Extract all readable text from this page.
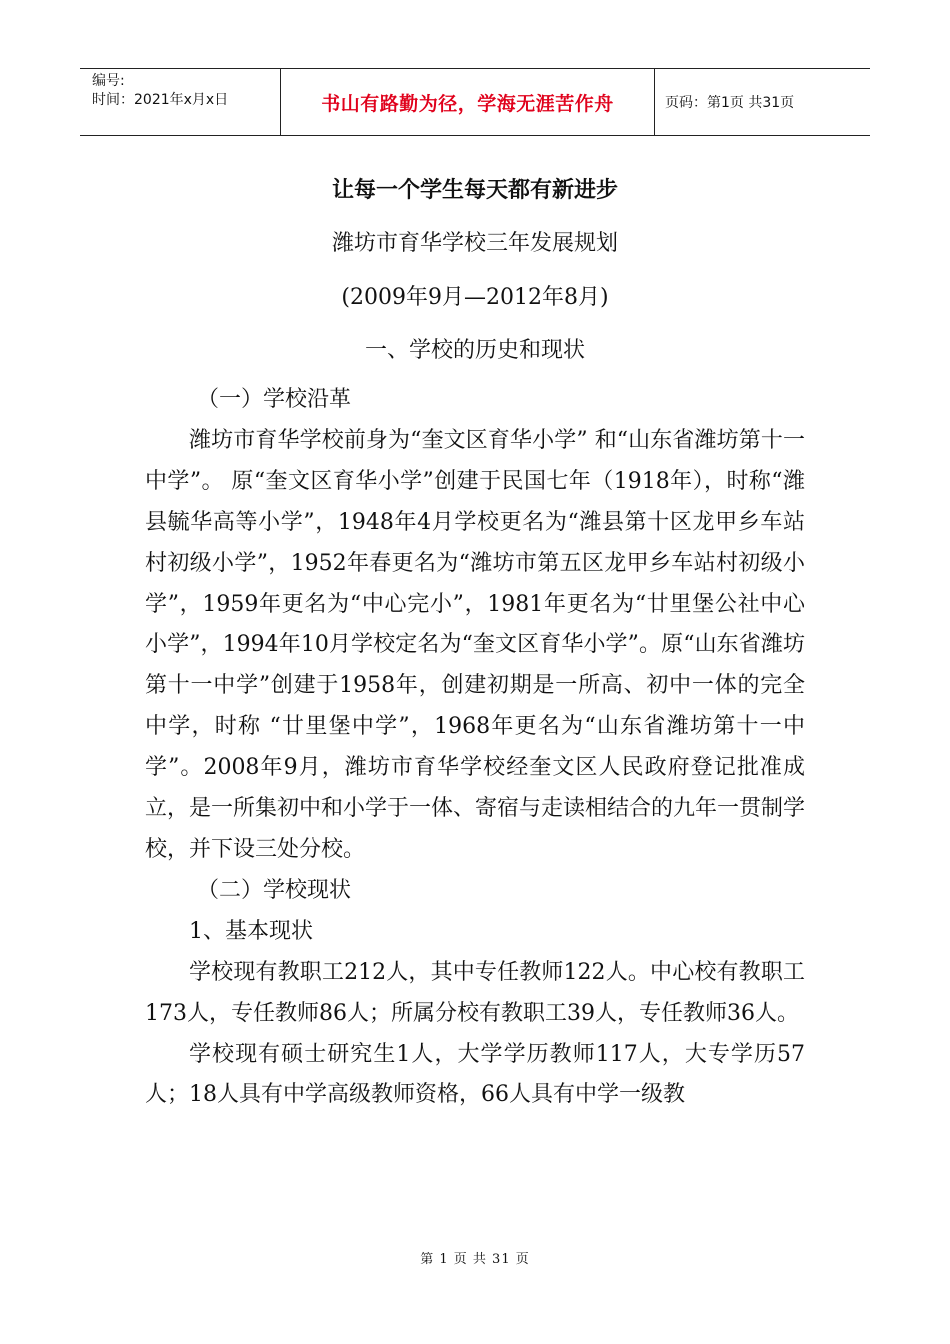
编号:
时间：2021年x月x日	书山有路勤为径，学海无涯苦作舟	页码：第1页 共31页
让每一个学生每天都有新进步
潍坊市育华学校三年发展规划
(2009年9月—2012年8月)
一、学校的历史和现状

（一）学校沿革

潍坊市育华学校前身为“奎文区育华小学” 和“山东省潍坊第十一中学”。 原“奎文区育华小学”创建于民国七年（1918年），时称“潍县毓华高等小学”，1948年4月学校更名为“潍县第十区龙甲乡车站村初级小学”，1952年春更名为“潍坊市第五区龙甲乡车站村初级小学”，1959年更名为“中心完小”，1981年更名为“廿里堡公社中心小学”，1994年10月学校定名为“奎文区育华小学”。原“山东省潍坊第十一中学”创建于1958年，创建初期是一所高、初中一体的完全中学，时称 “廿里堡中学”，1968年更名为“山东省潍坊第十一中学”。2008年9月，潍坊市育华学校经奎文区人民政府登记批准成立，是一所集初中和小学于一体、寄宿与走读相结合的九年一贯制学校，并下设三处分校。

（二）学校现状

1、基本现状

学校现有教职工212人，其中专任教师122人。中心校有教职工173人，专任教师86人；所属分校有教职工39人，专任教师36人。

学校现有硕士研究生1人，大学学历教师117人，大专学历57人；18人具有中学高级教师资格，66人具有中学一级教

第 1 页 共 31 页
